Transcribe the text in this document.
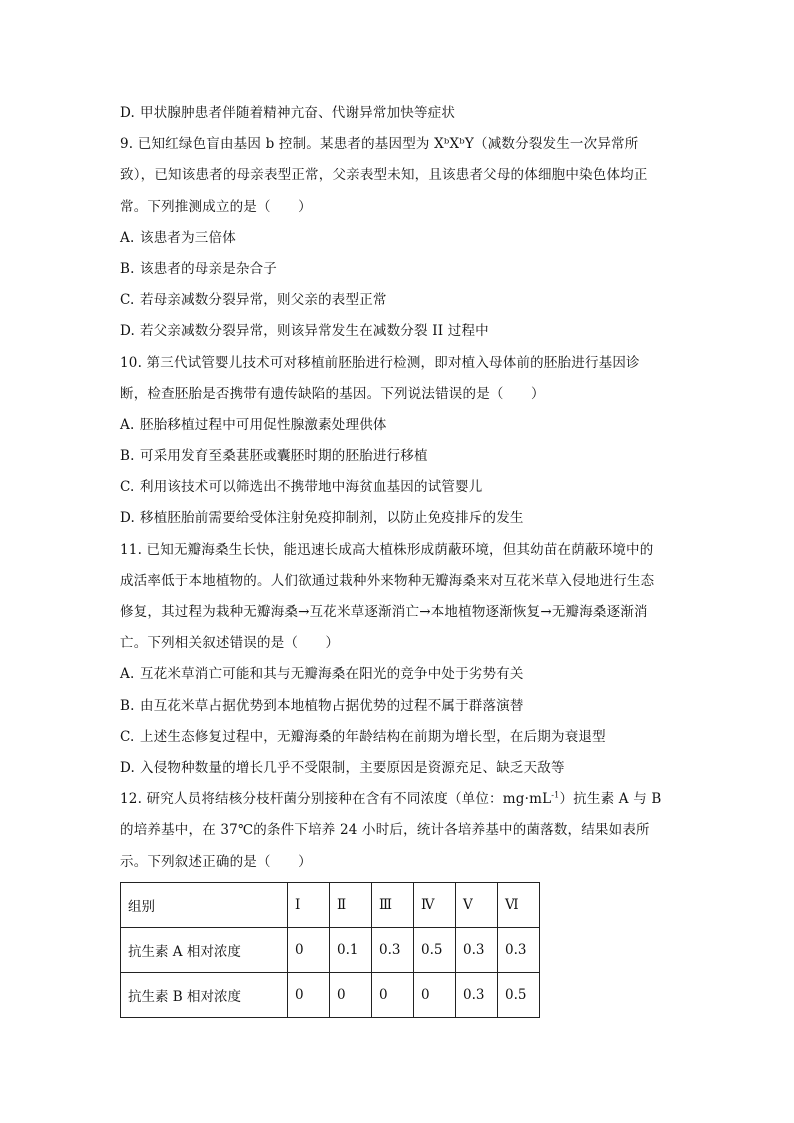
D. 甲状腺肿患者伴随着精神亢奋、代谢异常加快等症状
9. 已知红绿色盲由基因 b 控制。某患者的基因型为 XᵇXᵇY（减数分裂发生一次异常所
致），已知该患者的母亲表型正常，父亲表型未知，且该患者父母的体细胞中染色体均正
常。下列推测成立的是（　　）
A. 该患者为三倍体
B. 该患者的母亲是杂合子
C. 若母亲减数分裂异常，则父亲的表型正常
D. 若父亲减数分裂异常，则该异常发生在减数分裂 II 过程中
10. 第三代试管婴儿技术可对移植前胚胎进行检测，即对植入母体前的胚胎进行基因诊
断，检查胚胎是否携带有遗传缺陷的基因。下列说法错误的是（　　）
A. 胚胎移植过程中可用促性腺激素处理供体
B. 可采用发育至桑葚胚或囊胚时期的胚胎进行移植
C. 利用该技术可以筛选出不携带地中海贫血基因的试管婴儿
D. 移植胚胎前需要给受体注射免疫抑制剂，以防止免疫排斥的发生
11. 已知无瓣海桑生长快，能迅速长成高大植株形成荫蔽环境，但其幼苗在荫蔽环境中的
成活率低于本地植物的。人们欲通过栽种外来物种无瓣海桑来对互花米草入侵地进行生态
修复，其过程为栽种无瓣海桑→互花米草逐渐消亡→本地植物逐渐恢复→无瓣海桑逐渐消
亡。下列相关叙述错误的是（　　）
A. 互花米草消亡可能和其与无瓣海桑在阳光的竞争中处于劣势有关
B. 由互花米草占据优势到本地植物占据优势的过程不属于群落演替
C. 上述生态修复过程中，无瓣海桑的年龄结构在前期为增长型，在后期为衰退型
D. 入侵物种数量的增长几乎不受限制，主要原因是资源充足、缺乏天敌等
12. 研究人员将结核分枝杆菌分别接种在含有不同浓度（单位：$mg\cdot mL^{-1}$）抗生素 A 与 B
的培养基中，在 37℃的条件下培养 24 小时后，统计各培养基中的菌落数，结果如表所
示。下列叙述正确的是（　　）
组别	Ⅰ	Ⅱ	Ⅲ	Ⅳ	Ⅴ	Ⅵ
抗生素 A 相对浓度	0	0.1	0.3	0.5	0.3	0.3
抗生素 B 相对浓度	0	0	0	0	0.3	0.5
